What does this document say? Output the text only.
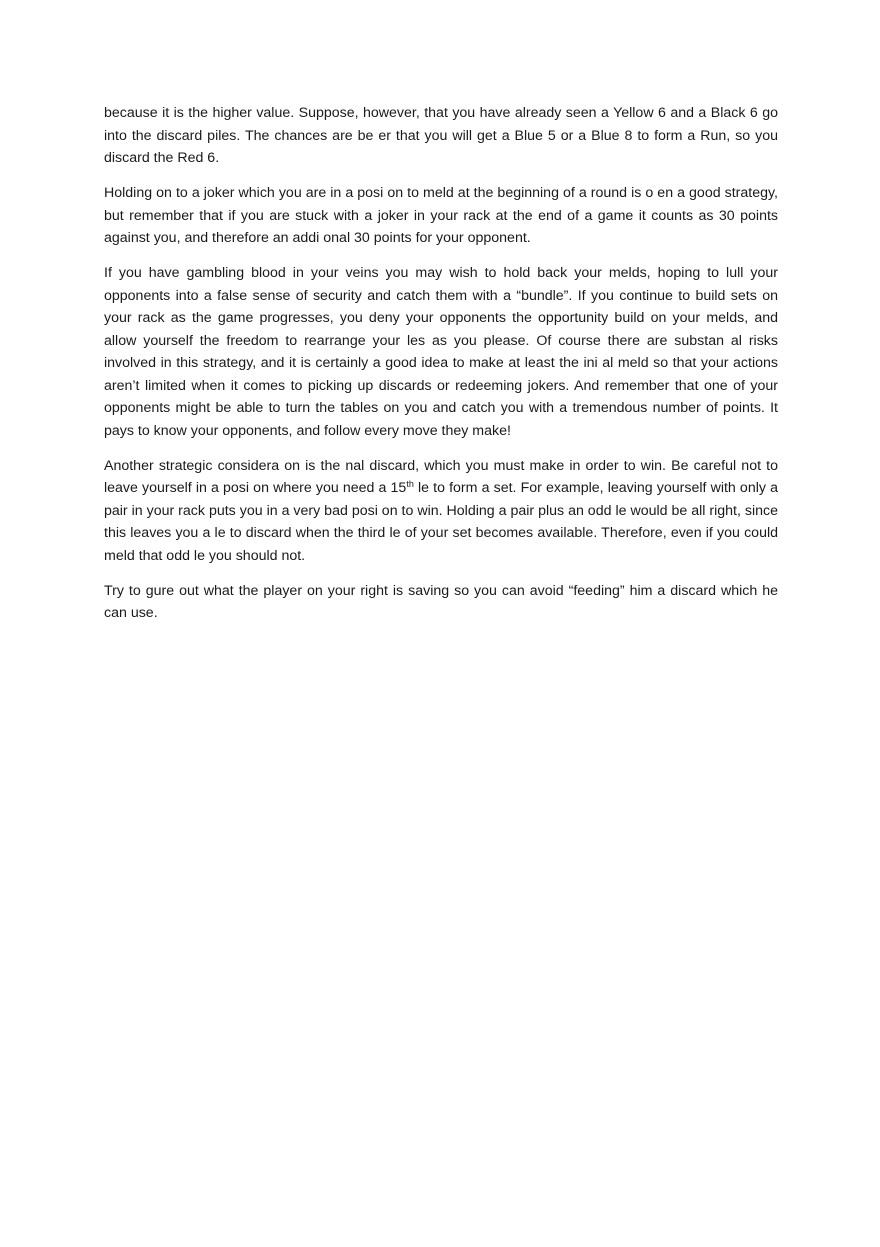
because it is the higher value. Suppose, however, that you have already seen a Yellow 6 and a Black 6 go into the discard piles. The chances are be er that you will get a Blue 5 or a Blue 8 to form a Run, so you discard the Red 6.

Holding on to a joker which you are in a posi on to meld at the beginning of a round is o en a good strategy, but remember that if you are stuck with a joker in your rack at the end of a game it counts as 30 points against you, and therefore an addi onal 30 points for your opponent.

If you have gambling blood in your veins you may wish to hold back your melds, hoping to lull your opponents into a false sense of security and catch them with a “bundle”. If you continue to build sets on your rack as the game progresses, you deny your opponents the opportunity build on your melds, and allow yourself the freedom to rearrange your les as you please. Of course there are substan al risks involved in this strategy, and it is certainly a good idea to make at least the ini al meld so that your actions aren’t limited when it comes to picking up discards or redeeming jokers. And remember that one of your opponents might be able to turn the tables on you and catch you with a tremendous number of points. It pays to know your opponents, and follow every move they make!

Another strategic considera on is the nal discard, which you must make in order to win. Be careful not to leave yourself in a posi on where you need a 15th le to form a set. For example, leaving yourself with only a pair in your rack puts you in a very bad posi on to win. Holding a pair plus an odd le would be all right, since this leaves you a le to discard when the third le of your set becomes available. Therefore, even if you could meld that odd le you should not.

Try to gure out what the player on your right is saving so you can avoid “feeding” him a discard which he can use.
